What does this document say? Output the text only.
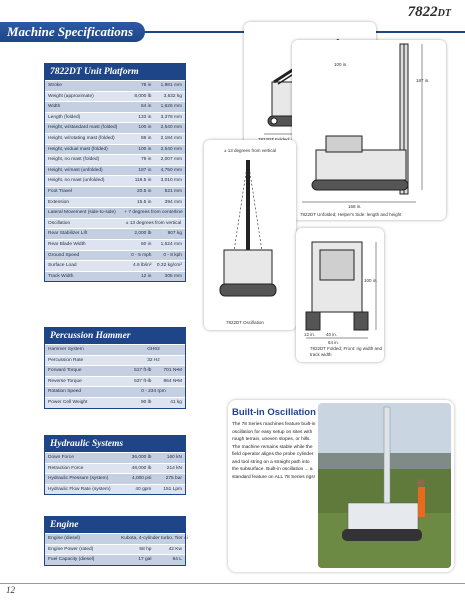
7822DT
Machine Specifications
7822DT Unit Platform
Stroke	78 in	1,981 mm
Weight (approximate)	8,000 lb	3,632 kg
Width	64 in	1,626 mm
Length (folded)	133 in	3,378 mm
Height, w/standard mast (folded)	100 in	2,540 mm
Height, w/rotating mast (folded)	86 in	2,184 mm
Height, w/dual mast (folded)	100 in	2,540 mm
Height, no mast (folded)	79 in	2,007 mm
Height, w/mast (unfolded)	187 in	4,750 mm
Height, no mast (unfolded)	118.5 in	3,010 mm
Foot Travel	20.5 in	521 mm
Extension	15.5 in	394 mm
Lateral Movement (side-to-side)	+ 7 degrees from centerline
Oscillation	± 13 degrees from vertical
Rear Stabilizer Lift	2,000 lb	907 kg
Rear Blade Width	60 in	1,524 mm
Ground Speed	0 - 5 mph	0 - 8 kph
Surface Load	4.6 lb/in²	0.32 kg/cm²
Track Width	12 in	305 mm
Percussion Hammer
Hammer System	GH63
Percussion Rate	32 Hz
Forward Torque	517 ft-lb	701 N•M
Reverse Torque	637 ft-lb	864 N•M
Rotation Speed	0 - 234 rpm
Power Cell Weight	90 lb	41 kg
Hydraulic Systems
Down Force	36,000 lb	160 kN
Retraction Force	48,000 lb	214 kN
Hydraulic Pressure (system)	4,000 psi	275 bar
Hydraulic Flow Rate (system)	40 gpm	151 Lpm
Engine
Engine (diesel)	Kubota, 4-cylinder turbo, Tier 4i
Engine Power (rated)	58 hp	42 Kw
Fuel Capacity (diesel)	17 gal	64 L
187 in.
100 in.
168 in.
7822DT Unfolded; Helper's Side: length and height
± 13 degrees from vertical
7822DT Oscillation
40 in.
12 in.
64 in.
100 in.
7822DT Folded; Front: rig width and track width
Built-in Oscillation
The 78 Series machines feature built-in oscillation for easy setup on sites with rough terrain, uneven slopes, or hills. The machine remains stable while the field operator aligns the probe cylinder and tool string on a straight path into the subsurface. Built-in oscillation ... a standard feature on ALL 78 Series rigs!
12
